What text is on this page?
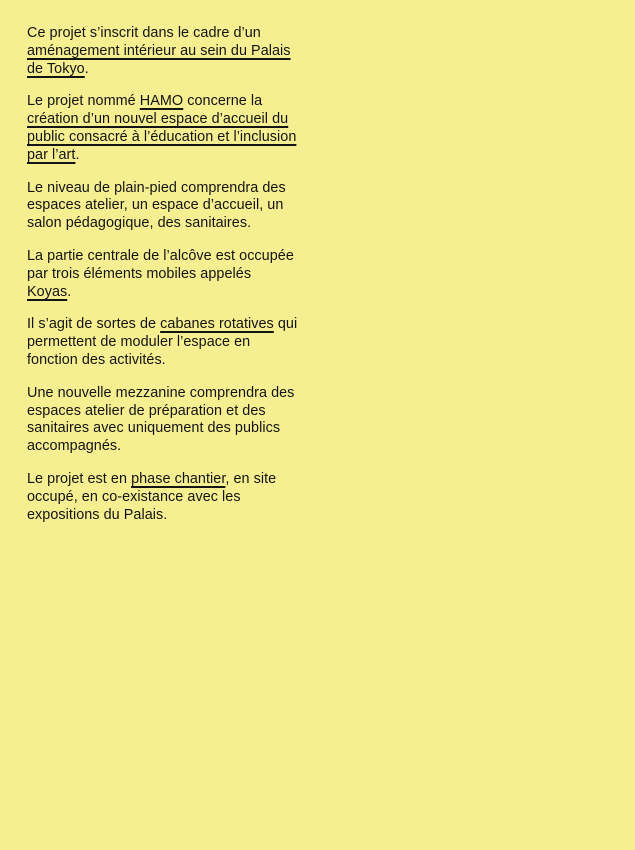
Ce projet s’inscrit dans le cadre d’un aménagement intérieur au sein du Palais de Tokyo.

Le projet nommé HAMO concerne la création d’un nouvel espace d’accueil du public consacré à l’éducation et l’inclusion par l’art.

Le niveau de plain-pied comprendra des espaces atelier, un espace d’accueil, un salon pédagogique, des sanitaires.

La partie centrale de l’alcôve est occupée par trois éléments mobiles appelés Koyas.

Il s’agit de sortes de cabanes rotatives qui permettent de moduler l’espace en fonction des activités.

Une nouvelle mezzanine comprendra des espaces atelier de préparation et des sanitaires avec uniquement des publics accompagnés.

Le projet est en phase chantier, en site occupé, en co-existance avec les expositions du Palais.
